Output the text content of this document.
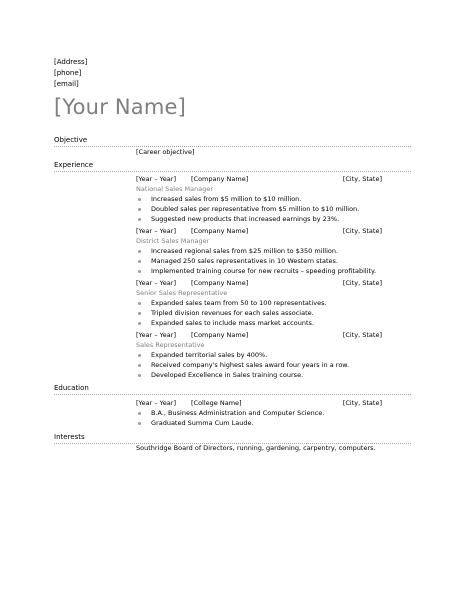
[Address]
[phone]
[email]
[Your Name]
Objective
[Career objective]
Experience
[Year – Year] [Company Name]	[City, State]
National Sales Manager
Increased sales from $5 million to $10 million.
Doubled sales per representative from $5 million to $10 million.
Suggested new products that increased earnings by 23%.
[Year – Year] [Company Name]	[City, State]
District Sales Manager
Increased regional sales from $25 million to $350 million.
Managed 250 sales representatives in 10 Western states.
Implemented training course for new recruits – speeding profitability.
[Year – Year] [Company Name]	[City, State]
Senior Sales Representative
Expanded sales team from 50 to 100 representatives.
Tripled division revenues for each sales associate.
Expanded sales to include mass market accounts.
[Year – Year] [Company Name]	[City, State]
Sales Representative
Expanded territorial sales by 400%.
Received company's highest sales award four years in a row.
Developed Excellence in Sales training course.
Education
[Year – Year] [College Name]	[City, State]
B.A., Business Administration and Computer Science.
Graduated Summa Cum Laude.
Interests
Southridge Board of Directors, running, gardening, carpentry, computers.
